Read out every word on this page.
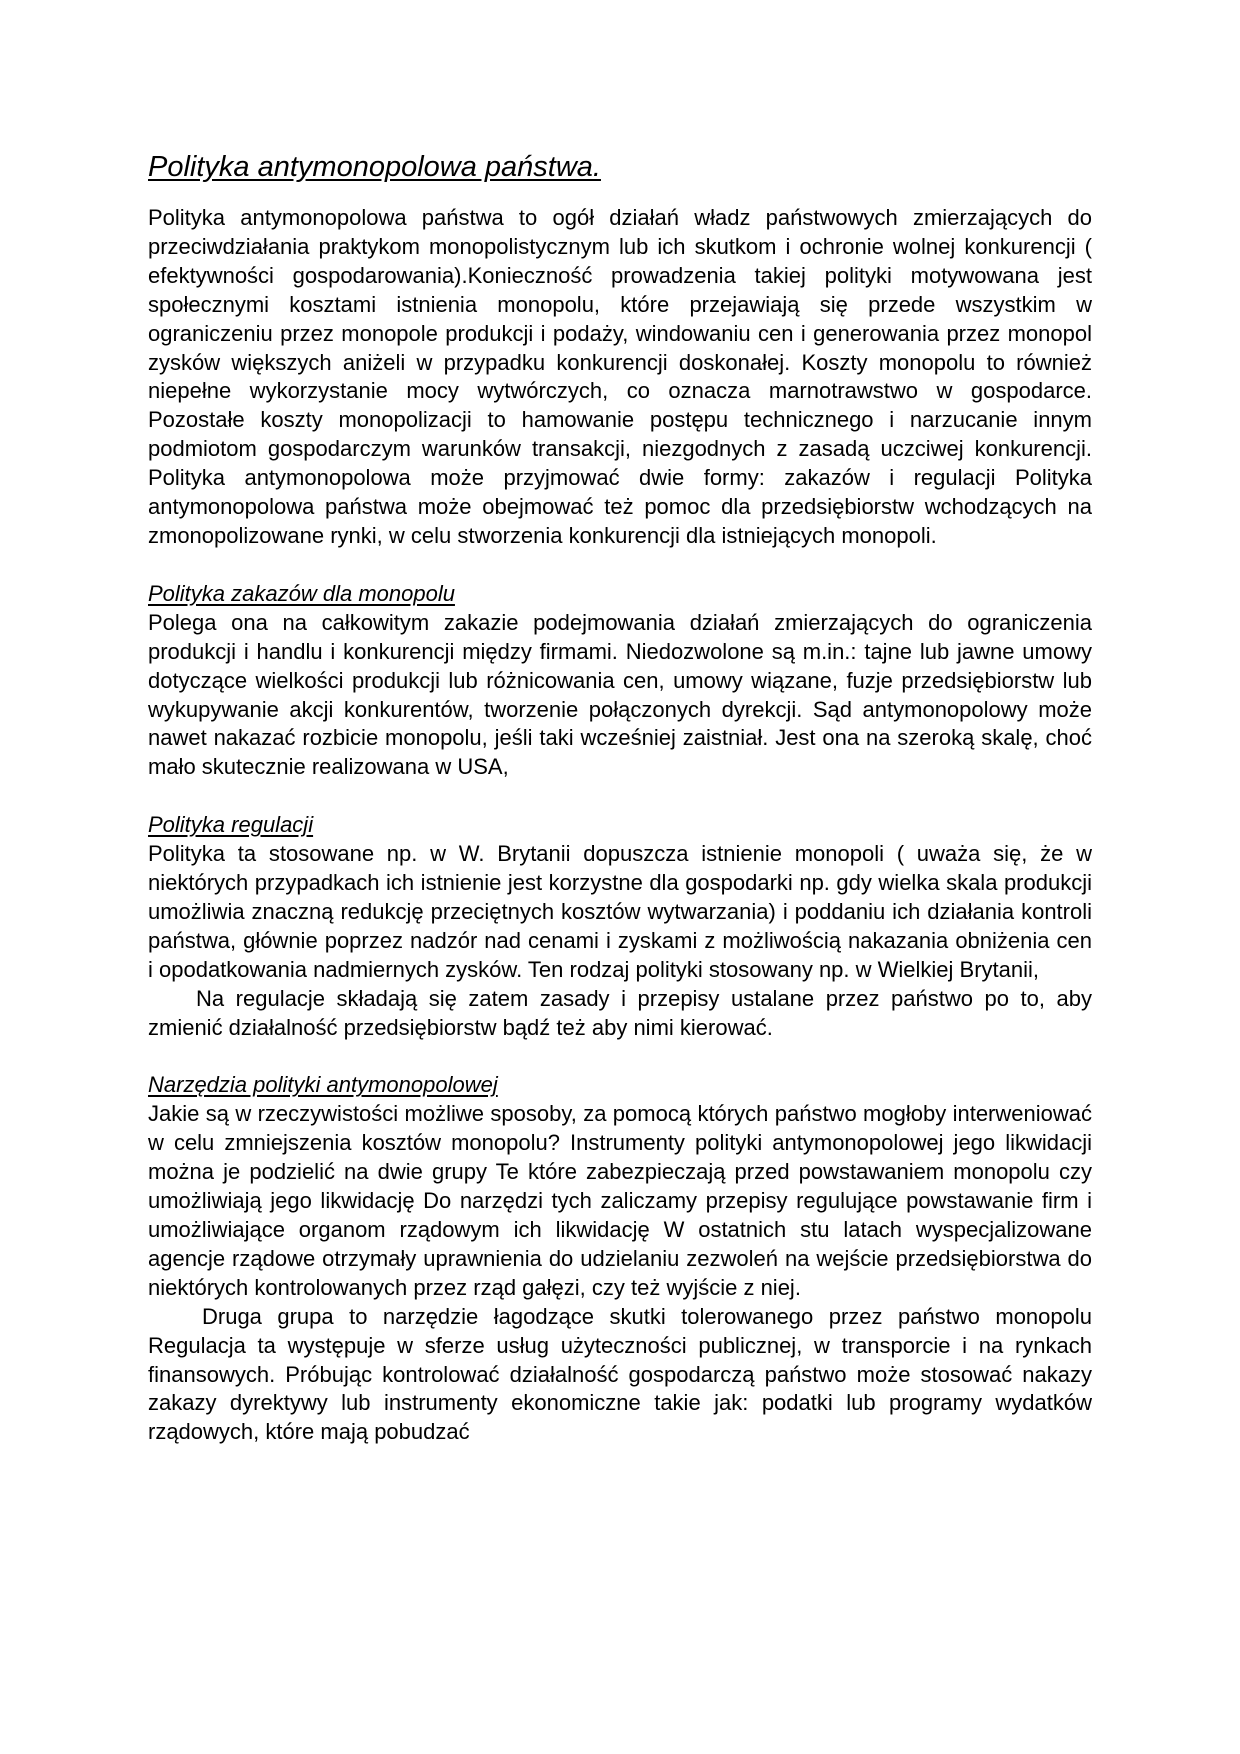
Polityka antymonopolowa państwa.

Polityka antymonopolowa państwa to ogół działań władz państwowych zmierzających do przeciwdziałania praktykom monopolistycznym lub ich skutkom i ochronie wolnej konkurencji ( efektywności gospodarowania).Konieczność prowadzenia takiej polityki motywowana jest społecznymi kosztami istnienia monopolu, które przejawiają się przede wszystkim w ograniczeniu przez monopole produkcji i podaży, windowaniu cen i generowania przez monopol zysków większych aniżeli w przypadku konkurencji doskonałej. Koszty monopolu to również niepełne wykorzystanie mocy wytwórczych, co oznacza marnotrawstwo w gospodarce. Pozostałe koszty monopolizacji to hamowanie postępu technicznego i narzucanie innym podmiotom gospodarczym warunków transakcji, niezgodnych z zasadą uczciwej konkurencji. Polityka antymonopolowa może przyjmować dwie formy: zakazów i regulacji Polityka antymonopolowa państwa może obejmować też pomoc dla przedsiębiorstw wchodzących na zmonopolizowane rynki, w celu stworzenia konkurencji dla istniejących monopoli.

Polityka zakazów dla monopolu

Polega ona na całkowitym zakazie podejmowania działań zmierzających do ograniczenia produkcji i handlu i konkurencji między firmami. Niedozwolone są m.in.: tajne lub jawne umowy dotyczące wielkości produkcji lub różnicowania cen, umowy wiązane, fuzje przedsiębiorstw lub wykupywanie akcji konkurentów, tworzenie połączonych dyrekcji. Sąd antymonopolowy może nawet nakazać rozbicie monopolu, jeśli taki wcześniej zaistniał. Jest ona na szeroką skalę, choć mało skutecznie realizowana w USA,

Polityka regulacji

Polityka ta stosowane np. w W. Brytanii dopuszcza istnienie monopoli ( uważa się, że w niektórych przypadkach ich istnienie jest korzystne dla gospodarki np. gdy wielka skala produkcji umożliwia znaczną redukcję przeciętnych kosztów wytwarzania) i poddaniu ich działania kontroli państwa, głównie poprzez nadzór nad cenami i zyskami z możliwością nakazania obniżenia cen i opodatkowania nadmiernych zysków. Ten rodzaj polityki stosowany np. w Wielkiej Brytanii,

Na regulacje składają się zatem zasady i przepisy ustalane przez państwo po to, aby zmienić działalność przedsiębiorstw bądź też aby nimi kierować.

Narzędzia polityki antymonopolowej

Jakie są w rzeczywistości możliwe sposoby, za pomocą których państwo mogłoby interweniować w celu zmniejszenia kosztów monopolu? Instrumenty polityki antymonopolowej jego likwidacji można je podzielić na dwie grupy Te które zabezpieczają przed powstawaniem monopolu czy umożliwiają jego likwidację Do narzędzi tych zaliczamy przepisy regulujące powstawanie firm i umożliwiające organom rządowym ich likwidację W ostatnich stu latach wyspecjalizowane agencje rządowe otrzymały uprawnienia do udzielaniu zezwoleń na wejście przedsiębiorstwa do niektórych kontrolowanych przez rząd gałęzi, czy też wyjście z niej.

Druga grupa to narzędzie łagodzące skutki tolerowanego przez państwo monopolu Regulacja ta występuje w sferze usług użyteczności publicznej, w transporcie i na rynkach finansowych. Próbując kontrolować działalność gospodarczą państwo może stosować nakazy zakazy dyrektywy lub instrumenty ekonomiczne takie jak: podatki lub programy wydatków rządowych, które mają pobudzać
